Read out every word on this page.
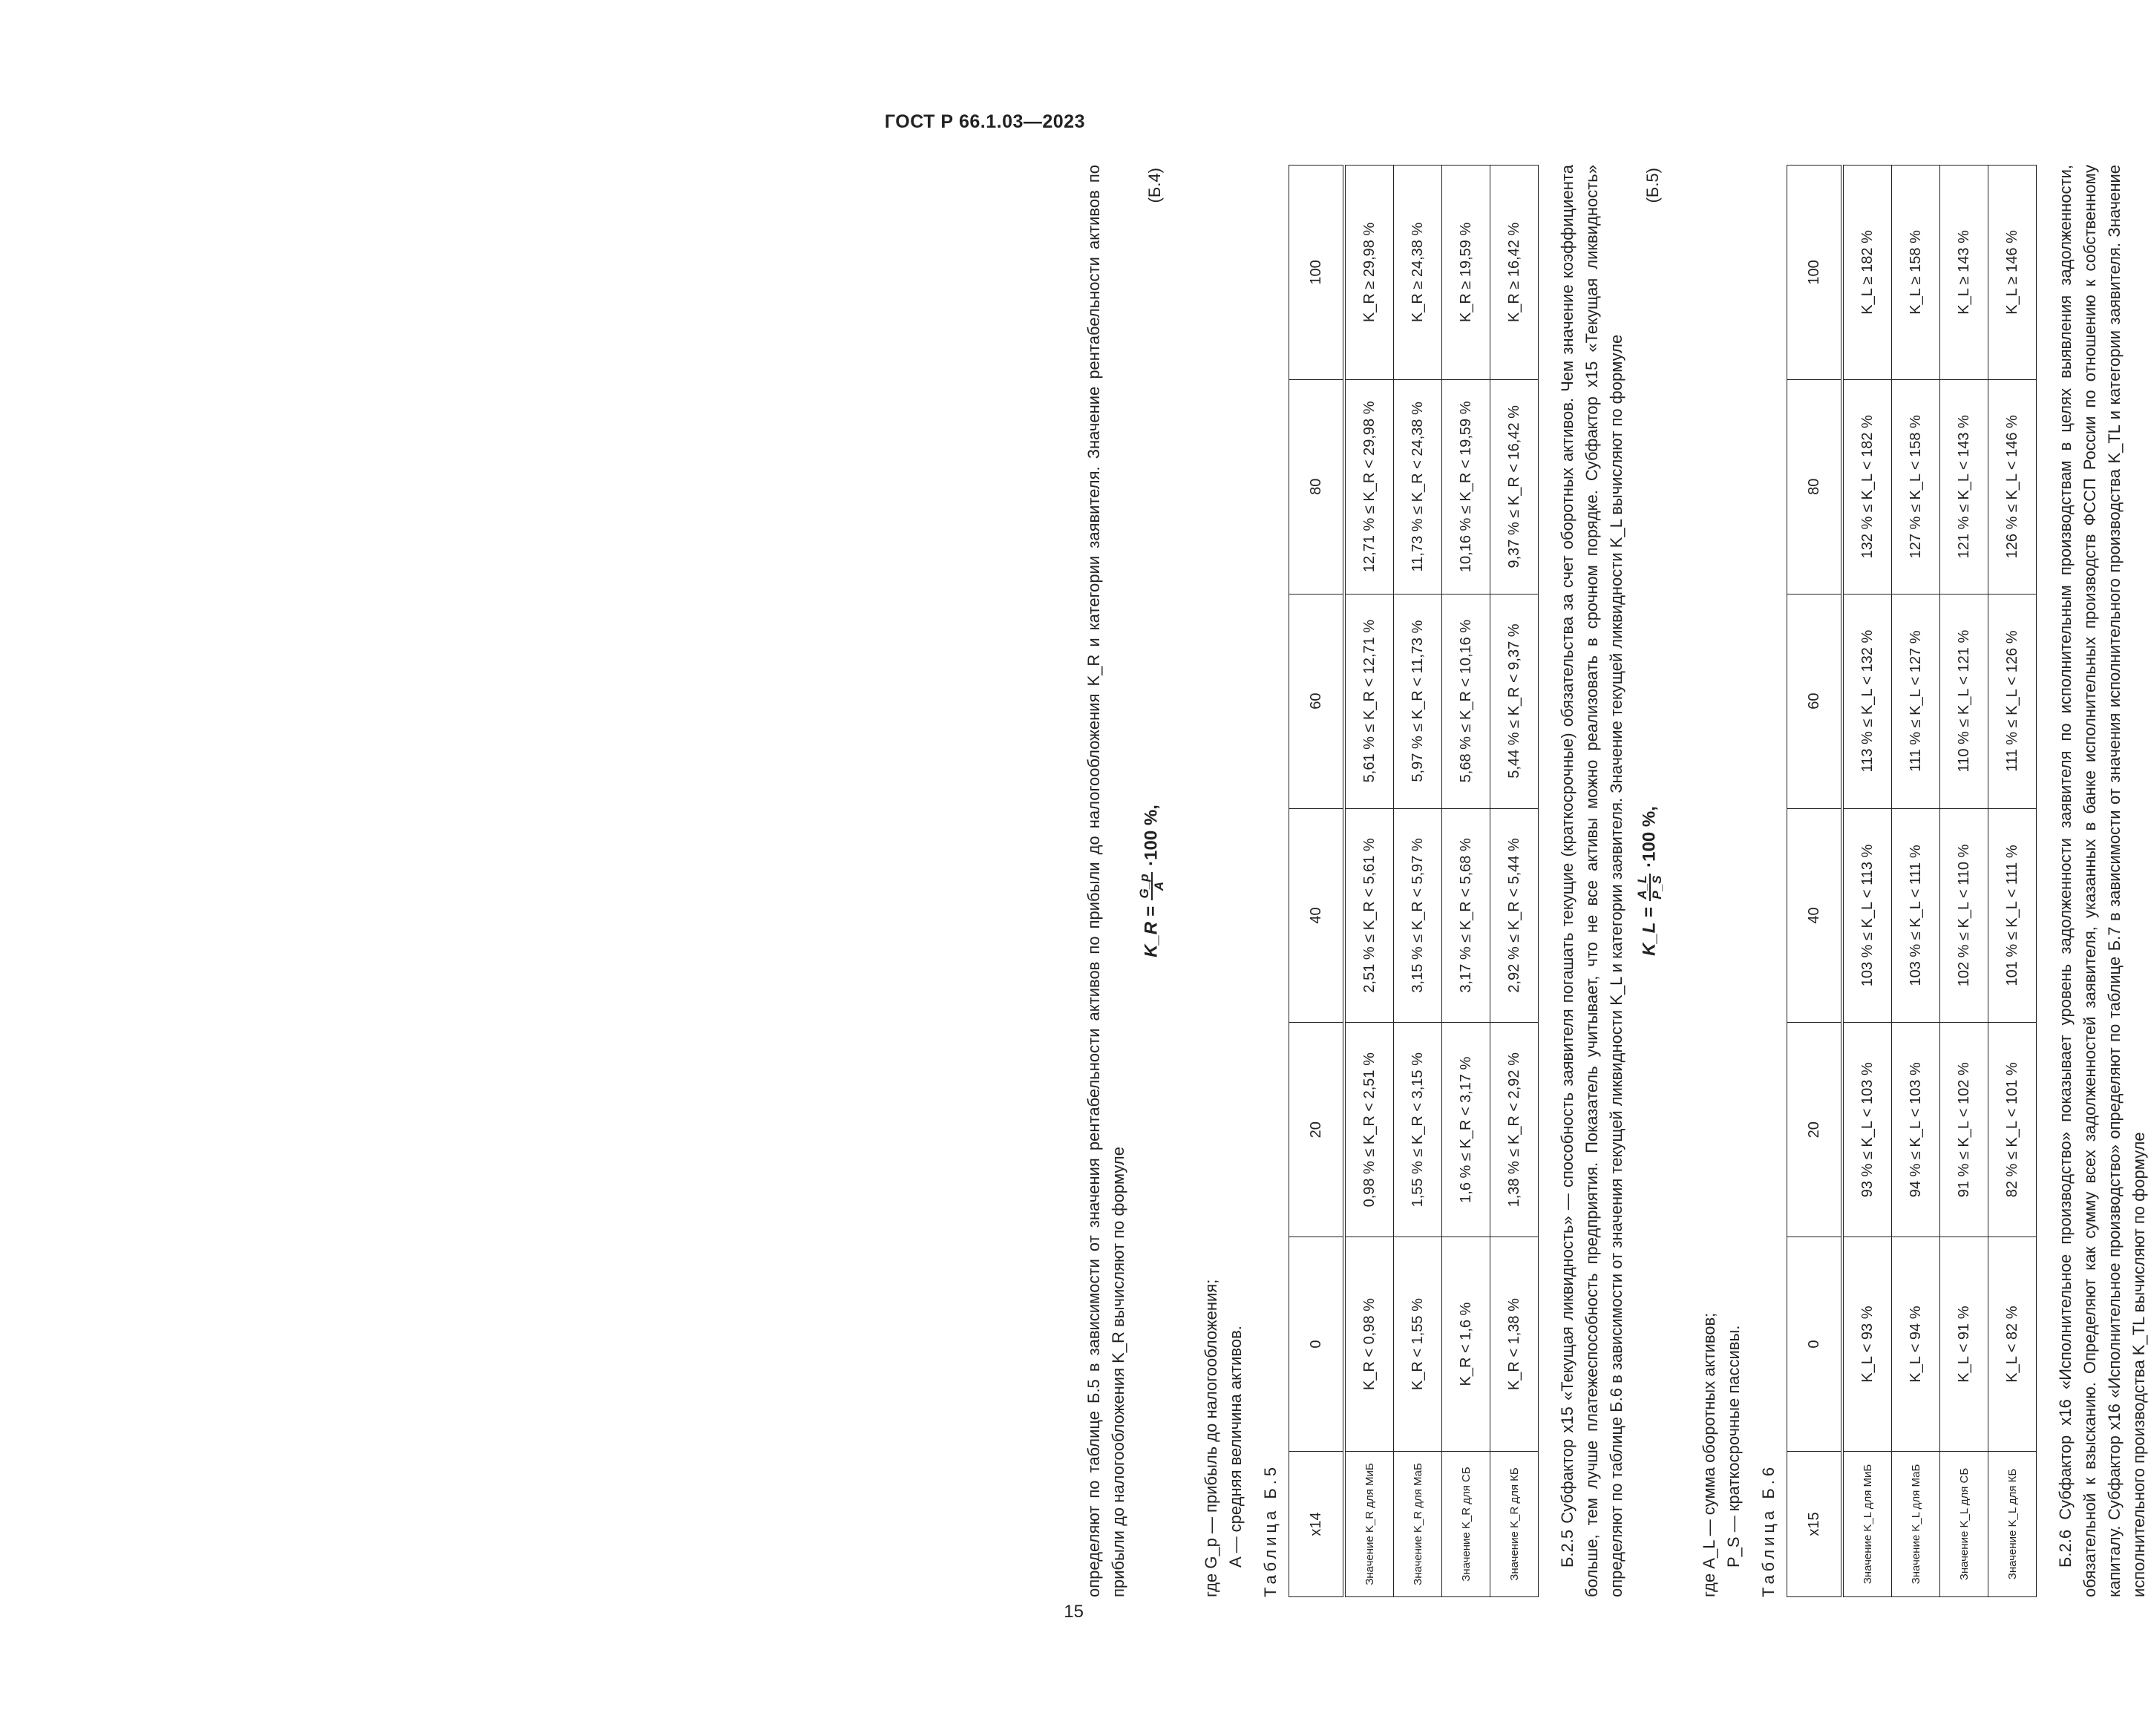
ГОСТ Р 66.1.03—2023
15

определяют по таблице Б.5 в зависимости от значения рентабельности активов по прибыли до налогообложения K_R и категории заявителя. Значение рентабельности активов по прибыли до налогообложения K_R вычисляют по формуле

K_R =
G_p A
·100 %,
(Б.4)
где G_p — прибыль до налогообложения; A — средняя величина активов. Таблица Б.5 x14	0	20	40	60	80	100
Значение K_R для МиБ	K_R < 0,98 %	0,98 % ≤ K_R < 2,51 %	2,51 % ≤ K_R < 5,61 %	5,61 % ≤ K_R < 12,71 %	12,71 % ≤ K_R < 29,98 %	K_R ≥ 29,98 %
Значение K_R для МаБ	K_R < 1,55 %	1,55 % ≤ K_R < 3,15 %	3,15 % ≤ K_R < 5,97 %	5,97 % ≤ K_R < 11,73 %	11,73 % ≤ K_R < 24,38 %	K_R ≥ 24,38 %
Значение K_R для СБ	K_R < 1,6 %	1,6 % ≤ K_R < 3,17 %	3,17 % ≤ K_R < 5,68 %	5,68 % ≤ K_R < 10,16 %	10,16 % ≤ K_R < 19,59 %	K_R ≥ 19,59 %
Значение K_R для КБ	K_R < 1,38 %	1,38 % ≤ K_R < 2,92 %	2,92 % ≤ K_R < 5,44 %	5,44 % ≤ K_R < 9,37 %	9,37 % ≤ K_R < 16,42 %	K_R ≥ 16,42 % Б.2.5 Субфактор x15 «Текущая ликвидность» — способность заявителя погашать текущие (краткосрочные) обязательства за счет оборотных активов. Чем значение коэффициента больше, тем лучше платежеспособность предприятия. Показатель учитывает, что не все активы можно реализовать в срочном порядке. Субфактор x15 «Текущая ликвидность» определяют по таблице Б.6 в зависимости от значения текущей ликвидности K_L и категории заявителя. Значение текущей ликвидности K_L вычисляют по формуле K_L =
A_L P_S
·100 %,
(Б.5)
где A_L — сумма оборотных активов; P_S — краткосрочные пассивы. Таблица Б.6 x15	0	20	40	60	80	100
Значение K_L для МиБ	K_L < 93 %	93 % ≤ K_L < 103 %	103 % ≤ K_L < 113 %	113 % ≤ K_L < 132 %	132 % ≤ K_L < 182 %	K_L ≥ 182 %
Значение K_L для МаБ	K_L < 94 %	94 % ≤ K_L < 103 %	103 % ≤ K_L < 111 %	111 % ≤ K_L < 127 %	127 % ≤ K_L < 158 %	K_L ≥ 158 %
Значение K_L для СБ	K_L < 91 %	91 % ≤ K_L < 102 %	102 % ≤ K_L < 110 %	110 % ≤ K_L < 121 %	121 % ≤ K_L < 143 %	K_L ≥ 143 %
Значение K_L для КБ	K_L < 82 %	82 % ≤ K_L < 101 %	101 % ≤ K_L < 111 %	111 % ≤ K_L < 126 %	126 % ≤ K_L < 146 %	K_L ≥ 146 % Б.2.6 Субфактор x16 «Исполнительное производство» показывает уровень задолженности заявителя по исполнительным производствам в целях выявления задолженности, обязательной к взысканию. Определяют как сумму всех задолженностей заявителя, указанных в банке исполнительных производств ФССП России по отношению к собственному капиталу. Субфактор x16 «Исполнительное производство» определяют по таблице Б.7 в зависимости от значения исполнительного производства K_TL и категории заявителя. Значение исполнительного производства K_TL вычисляют по формуле
